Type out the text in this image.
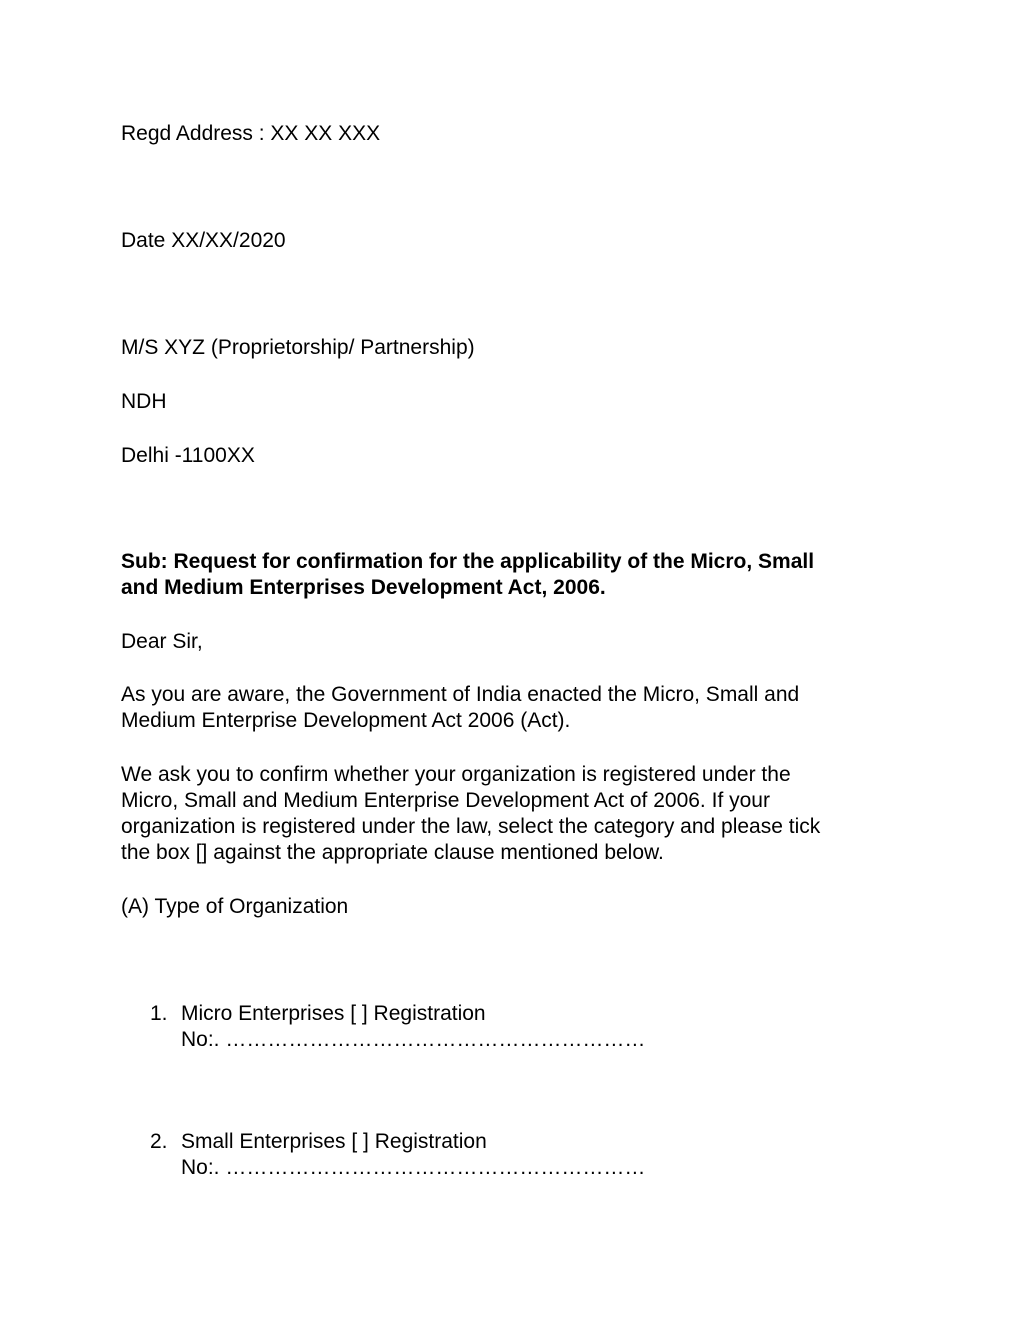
Regd Address : XX XX XXX
Date XX/XX/2020
M/S XYZ (Proprietorship/ Partnership)
NDH
Delhi -1100XX
Sub: Request for confirmation for the applicability of the Micro, Small
and Medium Enterprises Development Act, 2006.
Dear Sir,
As you are aware, the Government of India enacted the Micro, Small and
Medium Enterprise Development Act 2006 (Act).
We ask you to confirm whether your organization is registered under the
Micro, Small and Medium Enterprise Development Act of 2006. If your
organization is registered under the law, select the category and please tick
the box [] against the appropriate clause mentioned below.
(A) Type of Organization
1. Micro Enterprises [ ] Registration
No:. ……………………………………………………
2. Small Enterprises [ ] Registration
No:. ……………………………………………………
